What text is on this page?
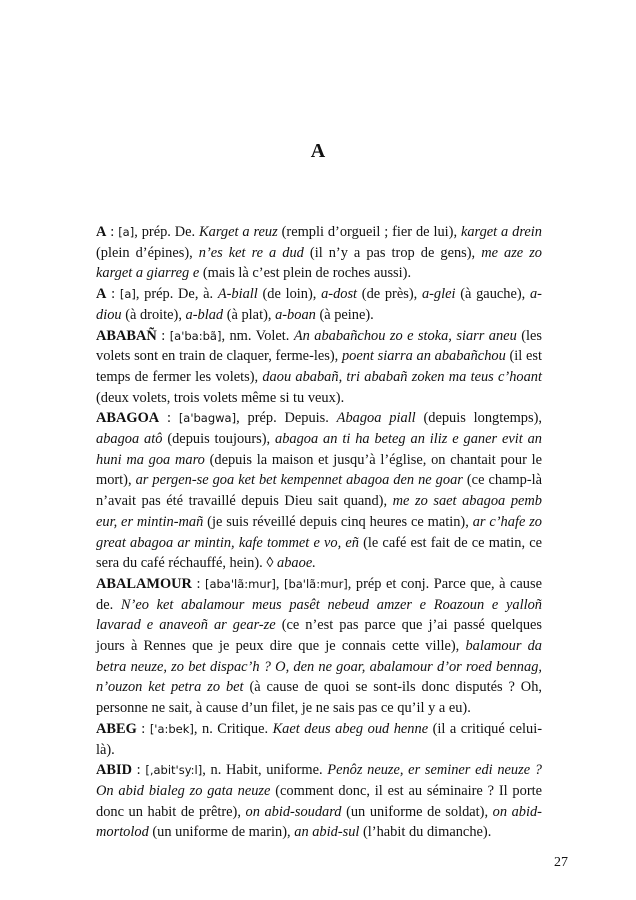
A

A : [a], prép. De. Karget a reuz (rempli d’orgueil ; fier de lui), karget a drein (plein d’épines), n’es ket re a dud (il n’y a pas trop de gens), me aze zo karget a giarreg e (mais là c’est plein de roches aussi).

A : [a], prép. De, à. A-biall (de loin), a-dost (de près), a-glei (à gauche), a-diou (à droite), a-blad (à plat), a-boan (à peine).

ABABAÑ : [a'ba:bã], nm. Volet. An ababañchou zo e stoka, siarr aneu (les volets sont en train de claquer, ferme-les), poent siarra an ababañchou (il est temps de fermer les volets), daou ababañ, tri ababañ zoken ma teus c’hoant (deux volets, trois volets même si tu veux).

ABAGOA : [a'bagwa], prép. Depuis. Abagoa piall (depuis longtemps), abagoa atô (depuis toujours), abagoa an ti ha beteg an iliz e ganer evit an huni ma goa maro (depuis la maison et jusqu’à l’église, on chantait pour le mort), ar pergen-se goa ket bet kempennet abagoa den ne goar (ce champ-là n’avait pas été travaillé depuis Dieu sait quand), me zo saet abagoa pemb eur, er mintin-mañ (je suis réveillé depuis cinq heures ce matin), ar c’hafe zo great abagoa ar mintin, kafe tommet e vo, eñ (le café est fait de ce matin, ce sera du café réchauffé, hein). ◊ abaoe.

ABALAMOUR : [aba'lã:mur], [ba'lã:mur], prép et conj. Parce que, à cause de. N’eo ket abalamour meus pasêt nebeud amzer e Roazoun e yalloñ lavarad e anaveoñ ar gear-ze (ce n’est pas parce que j’ai passé quelques jours à Rennes que je peux dire que je connais cette ville), balamour da betra neuze, zo bet dispac’h ? O, den ne goar, abalamour d’or roed bennag, n’ouzon ket petra zo bet (à cause de quoi se sont-ils donc disputés ? Oh, personne ne sait, à cause d’un filet, je ne sais pas ce qu’il y a eu).

ABEG : ['a:bek], n. Critique. Kaet deus abeg oud henne (il a critiqué celui-là).

ABID : [,abit'sy:l], n. Habit, uniforme. Penôz neuze, er seminer edi neuze ? On abid bialeg zo gata neuze (comment donc, il est au séminaire ? Il porte donc un habit de prêtre), on abid-soudard (un uniforme de soldat), on abid-mortolod (un uniforme de marin), an abid-sul (l’habit du dimanche).

27
